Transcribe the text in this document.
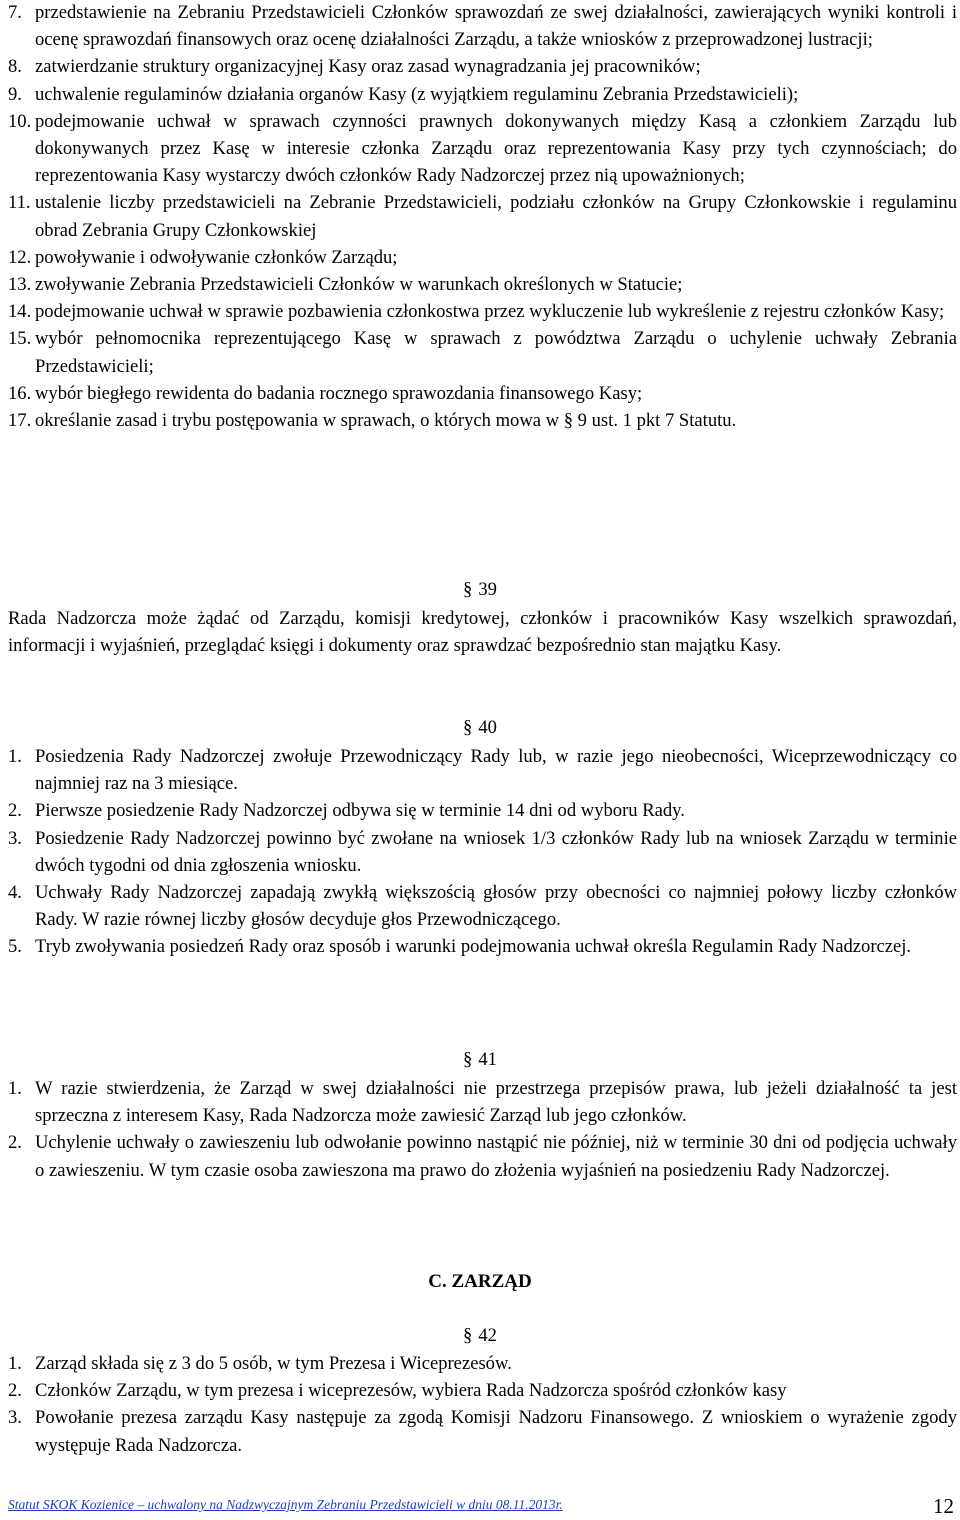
7. przedstawienie na Zebraniu Przedstawicieli Członków sprawozdań ze swej działalności, zawierających wyniki kontroli i ocenę sprawozdań finansowych oraz ocenę działalności Zarządu, a także wniosków z przeprowadzonej lustracji;
8. zatwierdzanie struktury organizacyjnej Kasy oraz zasad wynagradzania jej pracowników;
9. uchwalenie regulaminów działania organów Kasy (z wyjątkiem regulaminu Zebrania Przedstawicieli);
10. podejmowanie uchwał w sprawach czynności prawnych dokonywanych między Kasą a członkiem Zarządu lub dokonywanych przez Kasę w interesie członka Zarządu oraz reprezentowania Kasy przy tych czynnościach; do reprezentowania Kasy wystarczy dwóch członków Rady Nadzorczej przez nią upoważnionych;
11. ustalenie liczby przedstawicieli na Zebranie Przedstawicieli, podziału członków na Grupy Członkowskie i regulaminu obrad Zebrania Grupy Członkowskiej
12. powoływanie i odwoływanie członków Zarządu;
13. zwoływanie Zebrania Przedstawicieli Członków w warunkach określonych w Statucie;
14. podejmowanie uchwał w sprawie pozbawienia członkostwa przez wykluczenie lub wykreślenie z rejestru członków Kasy;
15. wybór pełnomocnika reprezentującego Kasę w sprawach z powództwa Zarządu o uchylenie uchwały Zebrania Przedstawicieli;
16. wybór biegłego rewidenta do badania rocznego sprawozdania finansowego Kasy;
17. określanie zasad i trybu postępowania w sprawach, o których mowa w § 9 ust. 1 pkt 7 Statutu.
§ 39
Rada Nadzorcza może żądać od Zarządu, komisji kredytowej, członków i pracowników Kasy wszelkich sprawozdań, informacji i wyjaśnień, przeglądać księgi i dokumenty oraz sprawdzać bezpośrednio stan majątku Kasy.
§ 40
1. Posiedzenia Rady Nadzorczej zwołuje Przewodniczący Rady lub, w razie jego nieobecności, Wiceprzewodniczący co najmniej raz na 3 miesiące.
2. Pierwsze posiedzenie Rady Nadzorczej odbywa się w terminie 14 dni od wyboru Rady.
3. Posiedzenie Rady Nadzorczej powinno być zwołane na wniosek 1/3 członków Rady lub na wniosek Zarządu w terminie dwóch tygodni od dnia zgłoszenia wniosku.
4. Uchwały Rady Nadzorczej zapadają zwykłą większością głosów przy obecności co najmniej połowy liczby członków Rady. W razie równej liczby głosów decyduje głos Przewodniczącego.
5. Tryb zwoływania posiedzeń Rady oraz sposób i warunki podejmowania uchwał określa Regulamin Rady Nadzorczej.
§ 41
1. W razie stwierdzenia, że Zarząd w swej działalności nie przestrzega przepisów prawa, lub jeżeli działalność ta jest sprzeczna z interesem Kasy, Rada Nadzorcza może zawiesić Zarząd lub jego członków.
2. Uchylenie uchwały o zawieszeniu lub odwołanie powinno nastąpić nie później, niż w terminie 30 dni od podjęcia uchwały o zawieszeniu. W tym czasie osoba zawieszona ma prawo do złożenia wyjaśnień na posiedzeniu Rady Nadzorczej.
C. ZARZĄD
§ 42
1. Zarząd składa się z 3 do 5 osób, w tym Prezesa i Wiceprezesów.
2. Członków Zarządu, w tym prezesa i wiceprezesów, wybiera Rada Nadzorcza spośród członków kasy
3. Powołanie prezesa zarządu Kasy następuje za zgodą Komisji Nadzoru Finansowego. Z wnioskiem o wyrażenie zgody występuje Rada Nadzorcza.
Statut SKOK Kozienice – uchwalony na Nadzwyczajnym Zebraniu Przedstawicieli w dniu 08.11.2013r.	12
